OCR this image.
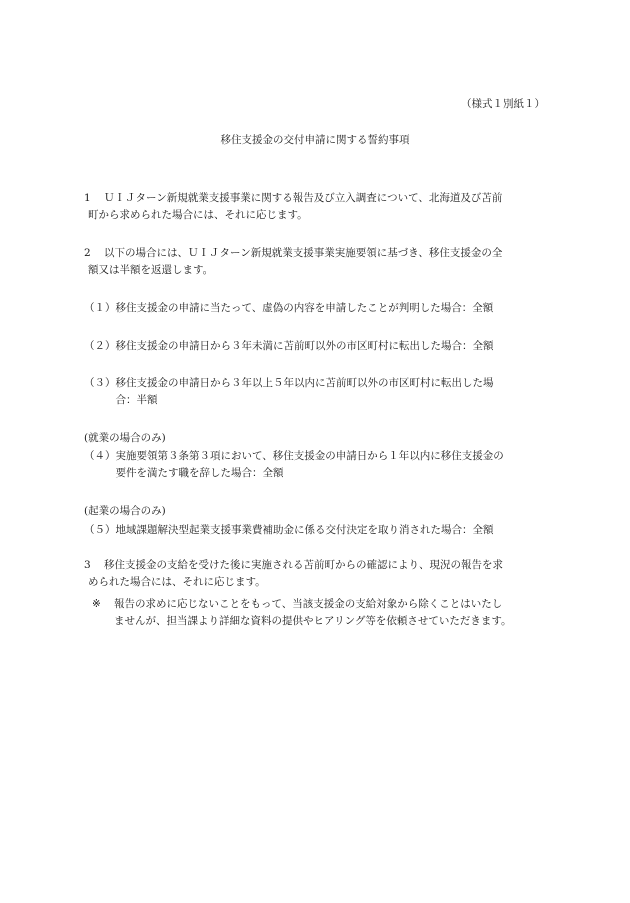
（様式１別紙１）
移住支援金の交付申請に関する誓約事項
1	ＵＩＪターン新規就業支援事業に関する報告及び立入調査について、北海道及び苫前
町から求められた場合には、それに応じます。
2	以下の場合には、ＵＩＪターン新規就業支援事業実施要領に基づき、移住支援金の全
額又は半額を返還します。
（１） 移住支援金の申請に当たって、虚偽の内容を申請したことが判明した場合：全額
（２） 移住支援金の申請日から３年未満に苫前町以外の市区町村に転出した場合：全額
（３） 移住支援金の申請日から３年以上５年以内に苫前町以外の市区町村に転出した場
合：半額
(就業の場合のみ)
（４） 実施要領第３条第３項において、移住支援金の申請日から１年以内に移住支援金の
要件を満たす職を辞した場合：全額
(起業の場合のみ)
（５） 地域課題解決型起業支援事業費補助金に係る交付決定を取り消された場合：全額
3	移住支援金の支給を受けた後に実施される苫前町からの確認により、現況の報告を求
められた場合には、それに応じます。
※	報告の求めに応じないことをもって、当該支援金の支給対象から除くことはいたし
ませんが、担当課より詳細な資料の提供やヒアリング等を依頼させていただきます。
